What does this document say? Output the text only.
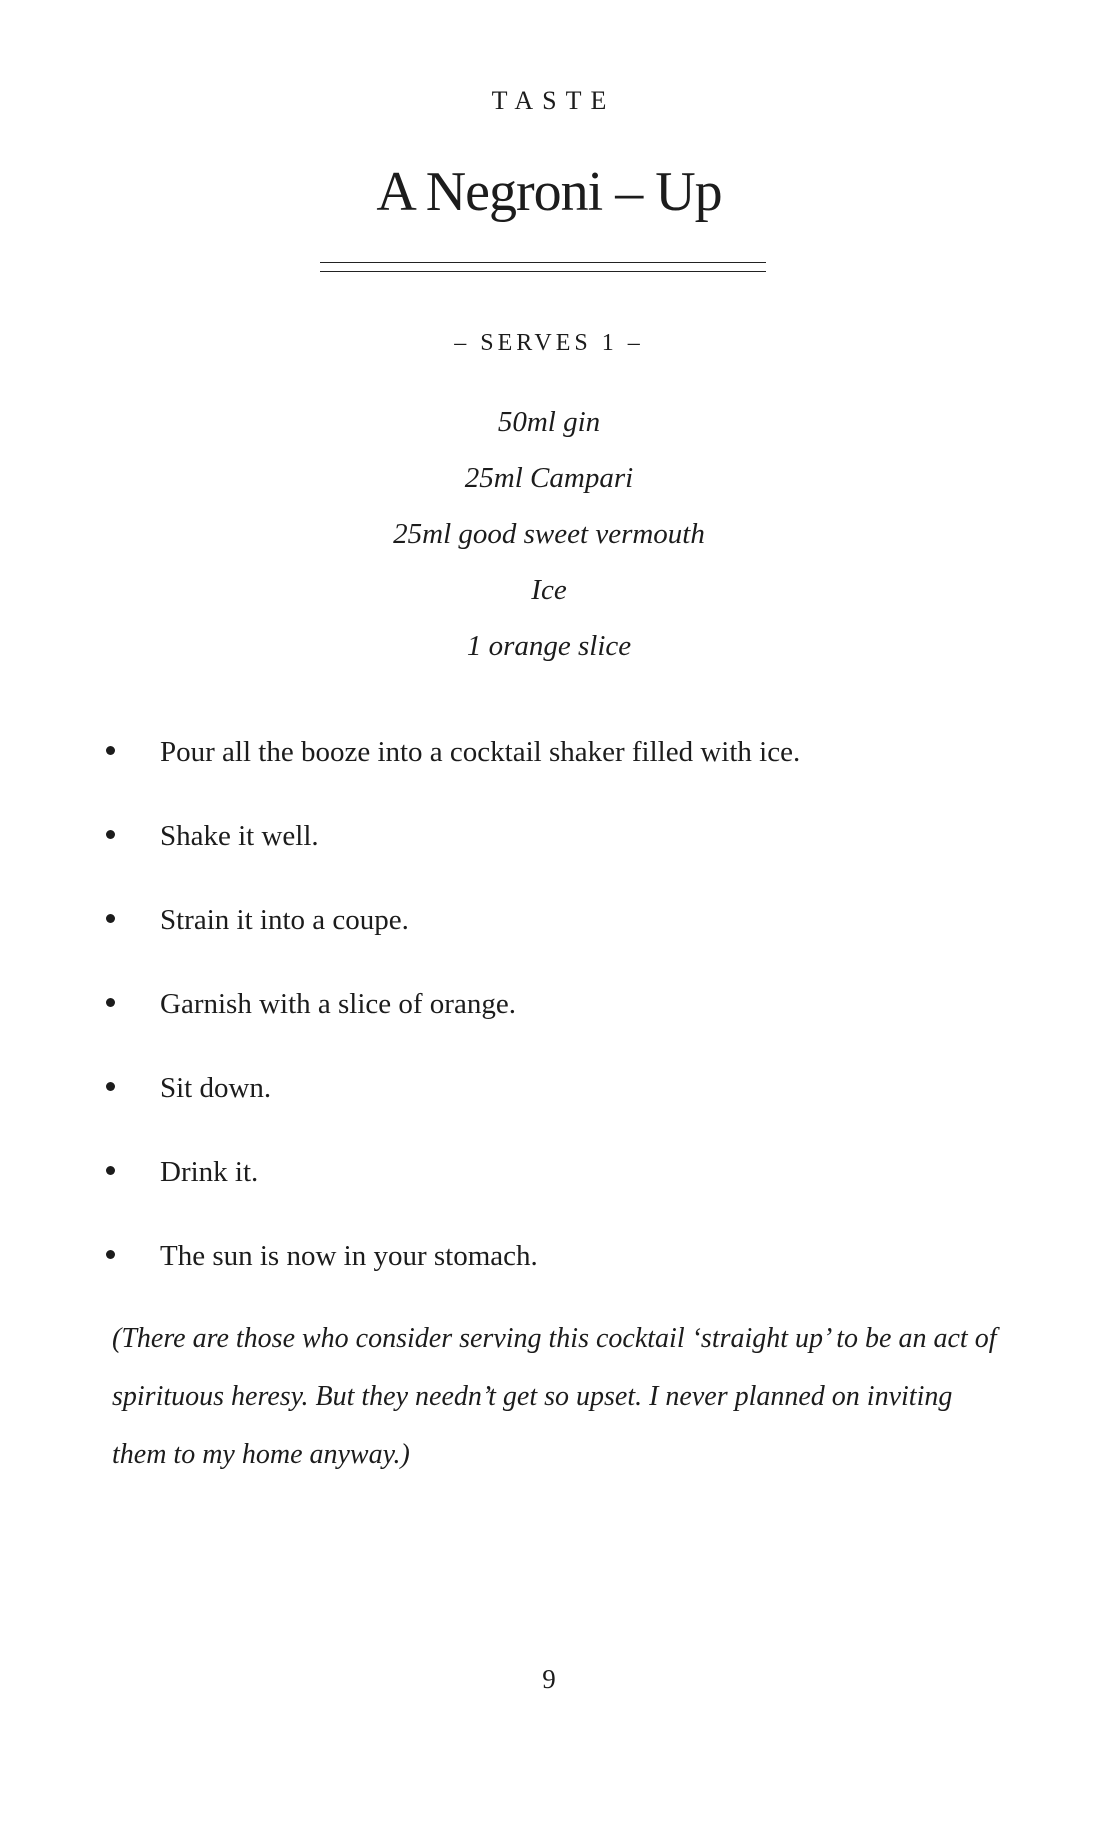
TASTE
A Negroni – Up
– SERVES 1 –
50ml gin
25ml Campari
25ml good sweet vermouth
Ice
1 orange slice
Pour all the booze into a cocktail shaker filled with ice.
Shake it well.
Strain it into a coupe.
Garnish with a slice of orange.
Sit down.
Drink it.
The sun is now in your stomach.

(There are those who consider serving this cocktail ‘straight up’ to be an act of spirituous heresy. But they needn’t get so upset. I never planned on inviting them to my home anyway.)

9
